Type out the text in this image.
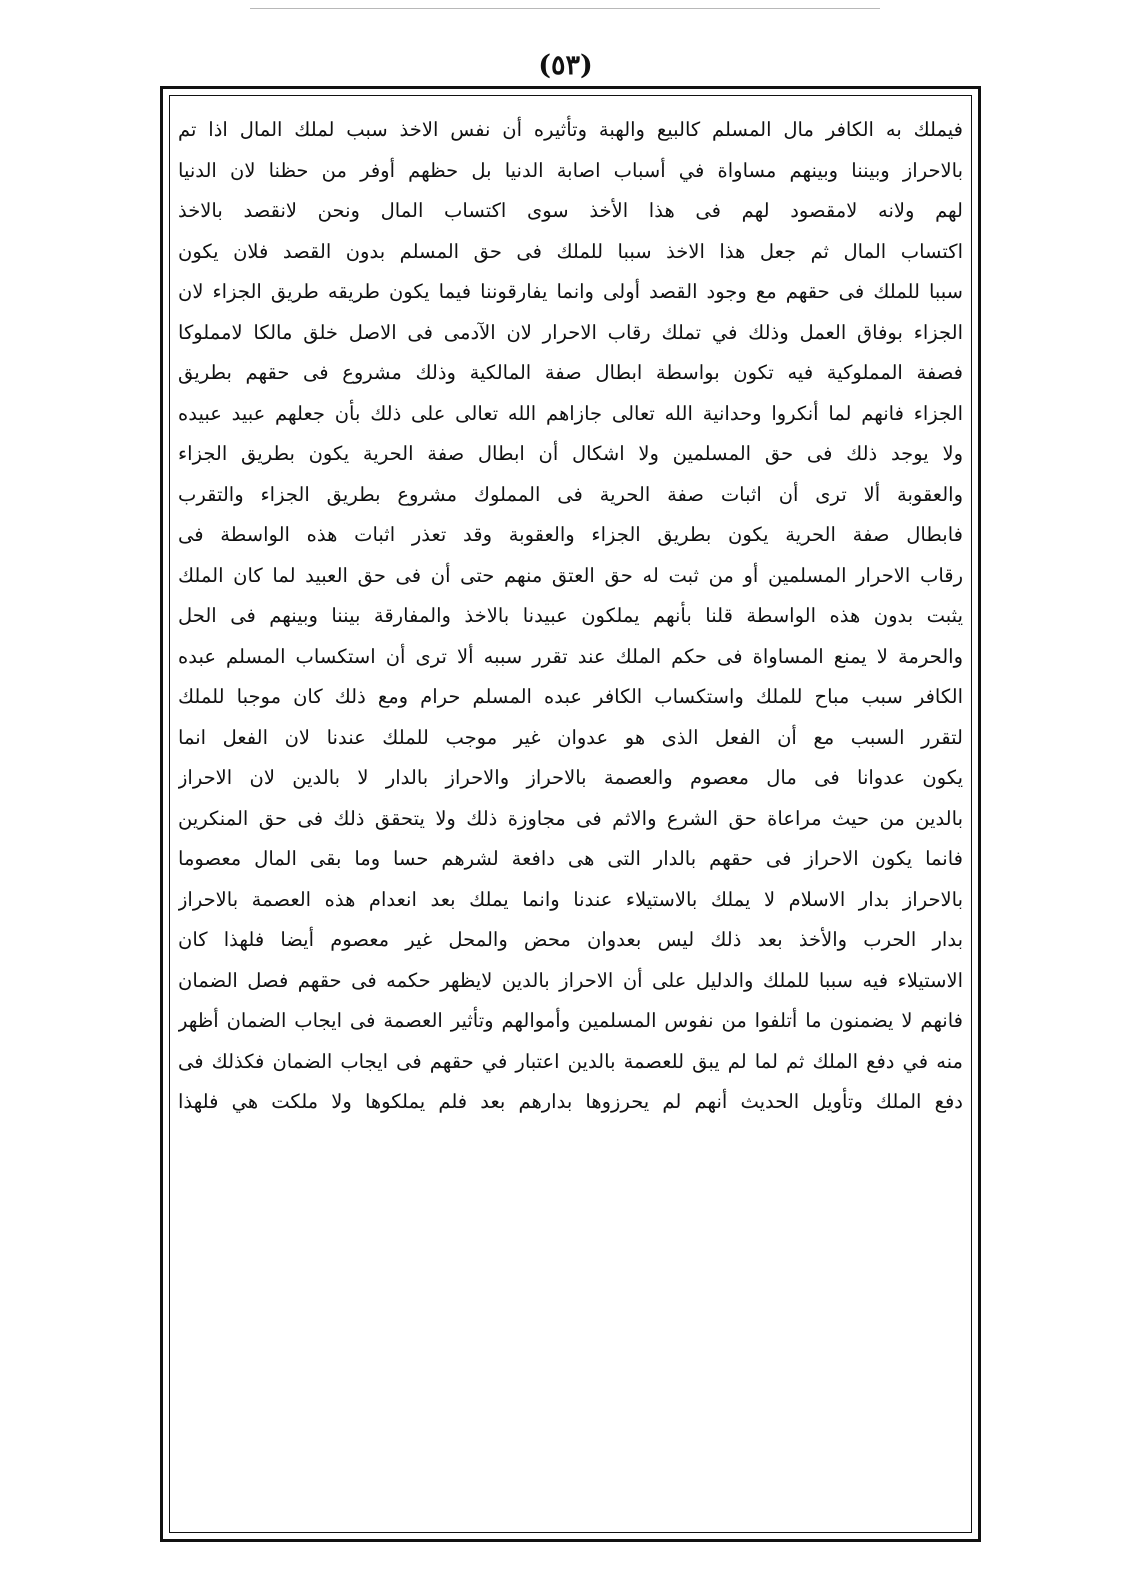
(٥٣)
فيملك به الكافر مال المسلم كالبيع والهبة وتأثيره أن نفس الاخذ سبب لملك المال اذا تم
بالاحراز وبيننا وبينهم مساواة في أسباب اصابة الدنيا بل حظهم أوفر من حظنا لان الدنيا
لهم ولانه لامقصود لهم فى هذا الأخذ سوى اكتساب المال ونحن لانقصد بالاخذ
اكتساب المال ثم جعل هذا الاخذ سببا للملك فى حق المسلم بدون القصد فلان يكون
سببا للملك فى حقهم مع وجود القصد أولى وانما يفارقوننا فيما يكون طريقه طريق الجزاء لان
الجزاء بوفاق العمل وذلك في تملك رقاب الاحرار لان الآدمى فى الاصل خلق مالكا لامملوكا
فصفة المملوكية فيه تكون بواسطة ابطال صفة المالكية وذلك مشروع فى حقهم بطريق
الجزاء فانهم لما أنكروا وحدانية الله تعالى جازاهم الله تعالى على ذلك بأن جعلهم عبيد عبيده
ولا يوجد ذلك فى حق المسلمين ولا اشكال أن ابطال صفة الحرية يكون بطريق الجزاء
والعقوبة ألا ترى أن اثبات صفة الحرية فى المملوك مشروع بطريق الجزاء والتقرب
فابطال صفة الحرية يكون بطريق الجزاء والعقوبة وقد تعذر اثبات هذه الواسطة فى
رقاب الاحرار المسلمين أو من ثبت له حق العتق منهم حتى أن فى حق العبيد لما كان الملك
يثبت بدون هذه الواسطة قلنا بأنهم يملكون عبيدنا بالاخذ والمفارقة بيننا وبينهم فى الحل
والحرمة لا يمنع المساواة فى حكم الملك عند تقرر سببه ألا ترى أن استكساب المسلم عبده
الكافر سبب مباح للملك واستكساب الكافر عبده المسلم حرام ومع ذلك كان موجبا للملك
لتقرر السبب مع أن الفعل الذى هو عدوان غير موجب للملك عندنا لان الفعل انما
يكون عدوانا فى مال معصوم والعصمة بالاحراز والاحراز بالدار لا بالدين لان الاحراز
بالدين من حيث مراعاة حق الشرع والاثم فى مجاوزة ذلك ولا يتحقق ذلك فى حق المنكرين
فانما يكون الاحراز فى حقهم بالدار التى هى دافعة لشرهم حسا وما بقى المال معصوما
بالاحراز بدار الاسلام لا يملك بالاستيلاء عندنا وانما يملك بعد انعدام هذه العصمة بالاحراز
بدار الحرب والأخذ بعد ذلك ليس بعدوان محض والمحل غير معصوم أيضا فلهذا كان
الاستيلاء فيه سببا للملك والدليل على أن الاحراز بالدين لايظهر حكمه فى حقهم فصل الضمان
فانهم لا يضمنون ما أتلفوا من نفوس المسلمين وأموالهم وتأثير العصمة فى ايجاب الضمان أظهر
منه في دفع الملك ثم لما لم يبق للعصمة بالدين اعتبار في حقهم فى ايجاب الضمان فكذلك فى
دفع الملك وتأويل الحديث أنهم لم يحرزوها بدارهم بعد فلم يملكوها ولا ملكت هي فلهذا
